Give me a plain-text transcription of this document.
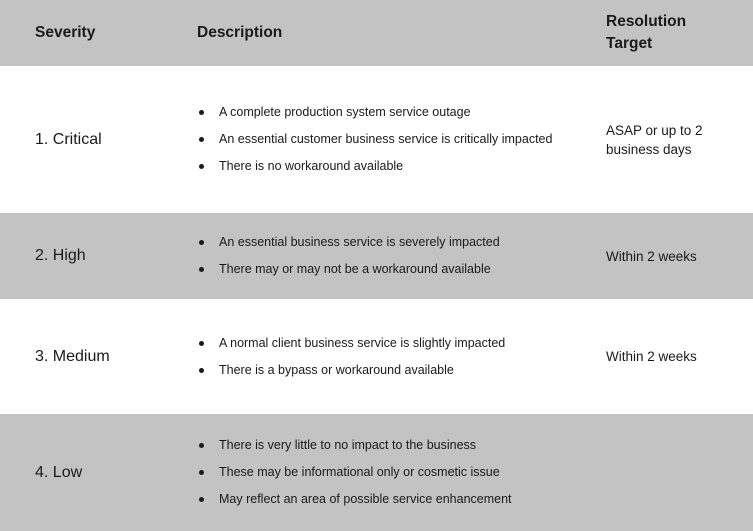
Severity	Description
Resolution
Target
1. Critical
A complete production system service outage
An essential customer business service is critically impacted
There is no workaround available
ASAP or up to 2
business days
2. High
An essential business service is severely impacted
There may or may not be a workaround available
Within 2 weeks
3. Medium
A normal client business service is slightly impacted
There is a bypass or workaround available
Within 2 weeks
4. Low
There is very little to no impact to the business
These may be informational only or cosmetic issue
May reflect an area of possible service enhancement
